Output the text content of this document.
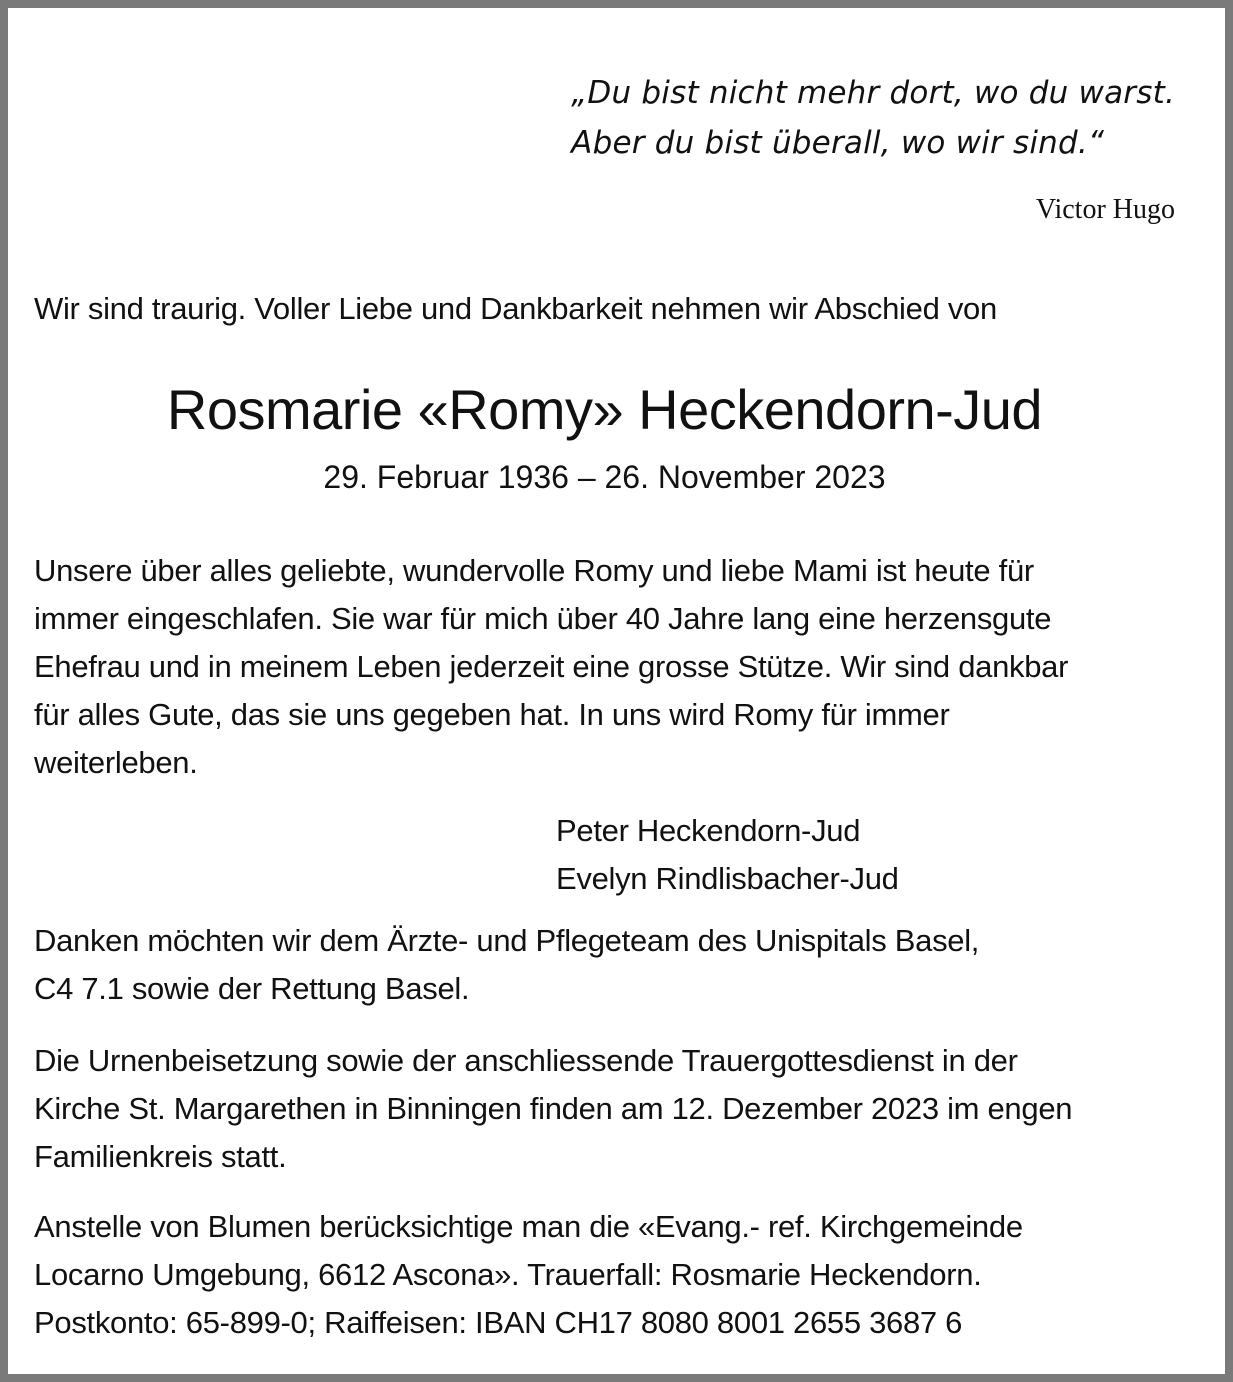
„Du bist nicht mehr dort, wo du warst.
Aber du bist überall, wo wir sind.“
Victor Hugo
Wir sind traurig. Voller Liebe und Dankbarkeit nehmen wir Abschied von
Rosmarie «Romy» Heckendorn-Jud
29. Februar 1936 – 26. November 2023
Unsere über alles geliebte, wundervolle Romy und liebe Mami ist heute für
immer eingeschlafen. Sie war für mich über 40 Jahre lang eine herzensgute
Ehefrau und in meinem Leben jederzeit eine grosse Stütze. Wir sind dankbar
für alles Gute, das sie uns gegeben hat. In uns wird Romy für immer
weiterleben.
Peter Heckendorn-Jud
Evelyn Rindlisbacher-Jud
Danken möchten wir dem Ärzte- und Pflegeteam des Unispitals Basel,
C4 7.1 sowie der Rettung Basel.
Die Urnenbeisetzung sowie der anschliessende Trauergottesdienst in der
Kirche St. Margarethen in Binningen finden am 12. Dezember 2023 im engen
Familienkreis statt.
Anstelle von Blumen berücksichtige man die «Evang.- ref. Kirchgemeinde
Locarno Umgebung, 6612 Ascona». Trauerfall: Rosmarie Heckendorn.
Postkonto: 65-899-0; Raiffeisen: IBAN CH17 8080 8001 2655 3687 6
